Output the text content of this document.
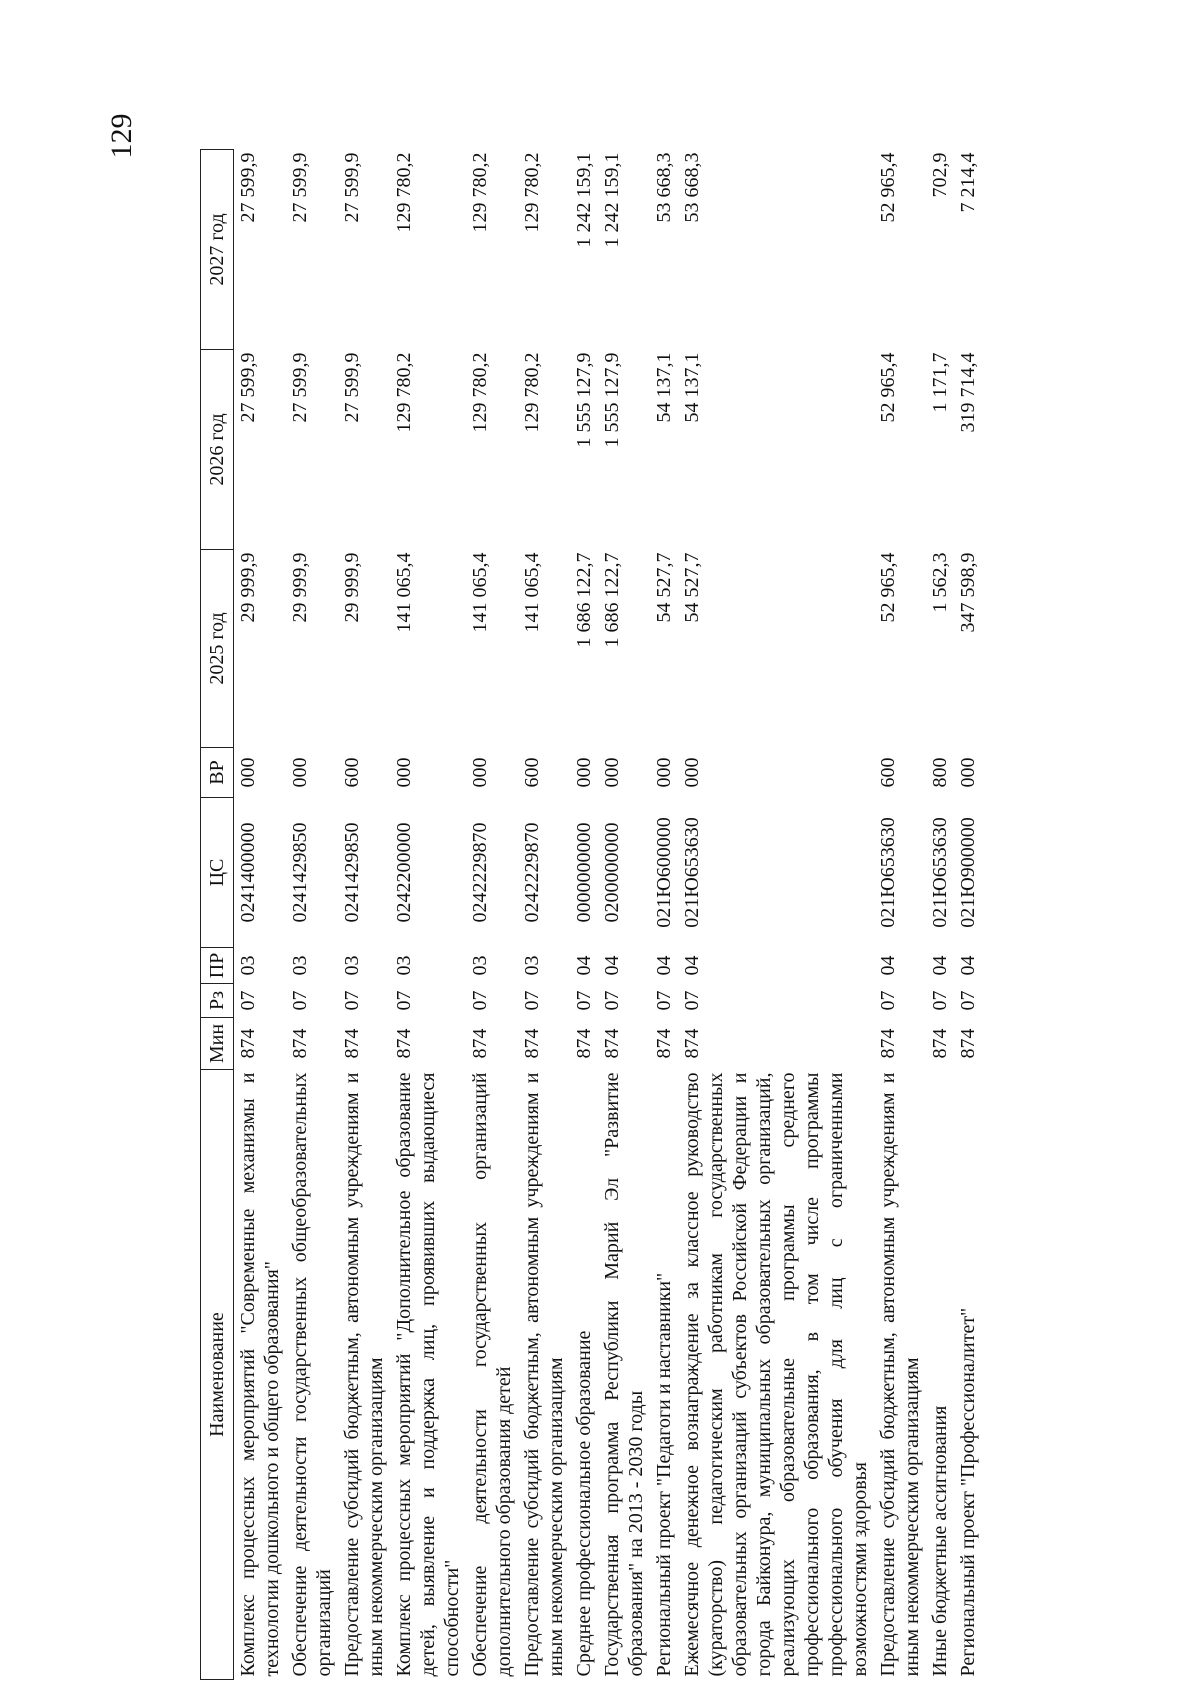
129
Наименование	Мин	Рз	ПР	ЦС	ВР	2025 год	2026 год	2027 год
Комплекс процессных мероприятий "Современные механизмы и технологии дошкольного и общего образования"	874	07	03	0241400000	000	29 999,9	27 599,9	27 599,9
Обеспечение деятельности государственных общеобразовательных организаций	874	07	03	0241429850	000	29 999,9	27 599,9	27 599,9
Предоставление субсидий бюджетным, автономным учреждениям и иным некоммерческим организациям	874	07	03	0241429850	600	29 999,9	27 599,9	27 599,9
Комплекс процессных мероприятий "Дополнительное образование детей, выявление и поддержка лиц, проявивших выдающиеся способности"	874	07	03	0242200000	000	141 065,4	129 780,2	129 780,2
Обеспечение деятельности государственных организаций дополнительного образования детей	874	07	03	0242229870	000	141 065,4	129 780,2	129 780,2
Предоставление субсидий бюджетным, автономным учреждениям и иным некоммерческим организациям	874	07	03	0242229870	600	141 065,4	129 780,2	129 780,2
Среднее профессиональное образование	874	07	04	0000000000	000	1 686 122,7	1 555 127,9	1 242 159,1
Государственная программа Республики Марий Эл "Развитие образования" на 2013 - 2030 годы	874	07	04	0200000000	000	1 686 122,7	1 555 127,9	1 242 159,1
Региональный проект "Педагоги и наставники"	874	07	04	021Ю600000	000	54 527,7	54 137,1	53 668,3
Ежемесячное денежное вознаграждение за классное руководство (кураторство) педагогическим работникам государственных образовательных организаций субъектов Российской Федерации и города Байконура, муниципальных образовательных организаций, реализующих образовательные программы среднего профессионального образования, в том числе программы профессионального обучения для лиц с ограниченными возможностями здоровья	874	07	04	021Ю653630	000	54 527,7	54 137,1	53 668,3
Предоставление субсидий бюджетным, автономным учреждениям и иным некоммерческим организациям	874	07	04	021Ю653630	600	52 965,4	52 965,4	52 965,4
Иные бюджетные ассигнования	874	07	04	021Ю653630	800	1 562,3	1 171,7	702,9
Региональный проект "Профессионалитет"	874	07	04	021Ю900000	000	347 598,9	319 714,4	7 214,4
